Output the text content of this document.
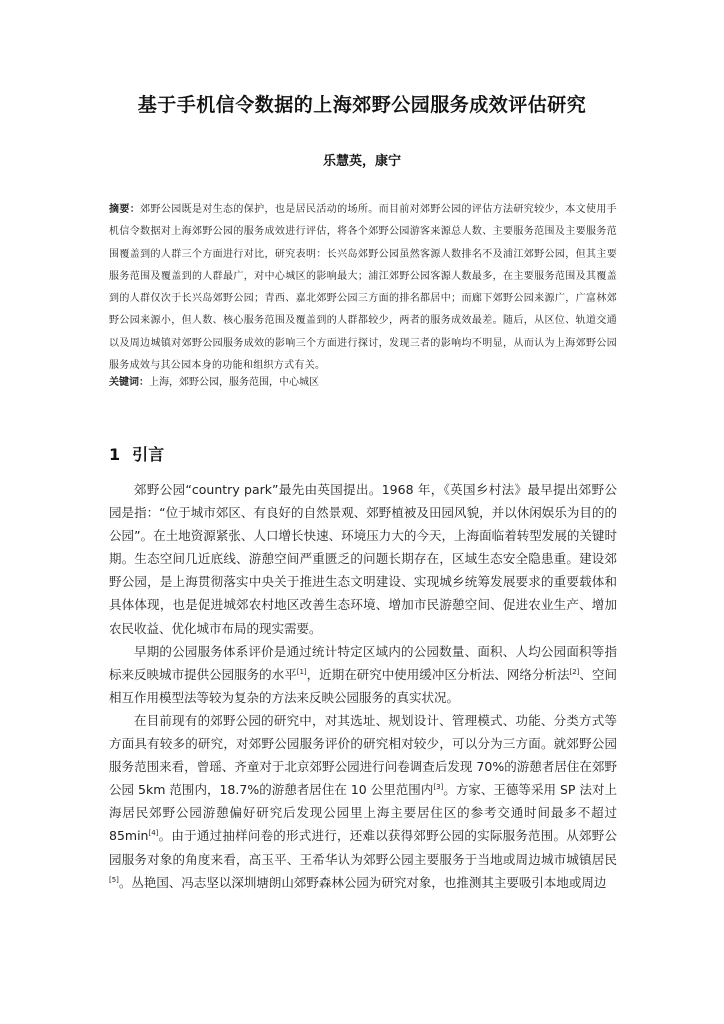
基于手机信令数据的上海郊野公园服务成效评估研究
乐慧英，康宁
摘要：郊野公园既是对生态的保护，也是居民活动的场所。而目前对郊野公园的评估方法研究较少，本文使用手机信令数据对上海郊野公园的服务成效进行评估，将各个郊野公园游客来源总人数、主要服务范围及主要服务范围覆盖到的人群三个方面进行对比，研究表明：长兴岛郊野公园虽然客源人数排名不及浦江郊野公园，但其主要服务范围及覆盖到的人群最广，对中心城区的影响最大；浦江郊野公园客源人数最多，在主要服务范围及其覆盖到的人群仅次于长兴岛郊野公园；青西、嘉北郊野公园三方面的排名都居中；而廊下郊野公园来源广，广富林郊野公园来源小，但人数、核心服务范围及覆盖到的人群都较少，两者的服务成效最差。随后，从区位、轨道交通以及周边城镇对郊野公园服务成效的影响三个方面进行探讨，发现三者的影响均不明显，从而认为上海郊野公园服务成效与其公园本身的功能和组织方式有关。
关键词：上海，郊野公园，服务范围，中心城区
1 引言

郊野公园“country park”最先由英国提出。1968 年，《英国乡村法》最早提出郊野公园是指：“位于城市郊区、有良好的自然景观、郊野植被及田园风貌，并以休闲娱乐为目的的公园”。在土地资源紧张、人口增长快速、环境压力大的今天，上海面临着转型发展的关键时期。生态空间几近底线、游憩空间严重匮乏的问题长期存在，区域生态安全隐患重。建设郊野公园，是上海贯彻落实中央关于推进生态文明建设、实现城乡统筹发展要求的重要载体和具体体现，也是促进城郊农村地区改善生态环境、增加市民游憩空间、促进农业生产、增加农民收益、优化城市布局的现实需要。

早期的公园服务体系评价是通过统计特定区域内的公园数量、面积、人均公园面积等指标来反映城市提供公园服务的水平[1]，近期在研究中使用缓冲区分析法、网络分析法[2]、空间相互作用模型法等较为复杂的方法来反映公园服务的真实状况。

在目前现有的郊野公园的研究中，对其选址、规划设计、管理模式、功能、分类方式等方面具有较多的研究，对郊野公园服务评价的研究相对较少，可以分为三方面。就郊野公园服务范围来看，曾瑶、齐童对于北京郊野公园进行问卷调查后发现 70%的游憩者居住在郊野公园 5km 范围内，18.7%的游憩者居住在 10 公里范围内[3]。方家、王德等采用 SP 法对上海居民郊野公园游憩偏好研究后发现公园里上海主要居住区的参考交通时间最多不超过 85min[4]。由于通过抽样问卷的形式进行，还难以获得郊野公园的实际服务范围。从郊野公园服务对象的角度来看，高玉平、王希华认为郊野公园主要服务于当地或周边城市城镇居民[5]。丛艳国、冯志坚以深圳塘朗山郊野森林公园为研究对象，也推测其主要吸引本地或周边
